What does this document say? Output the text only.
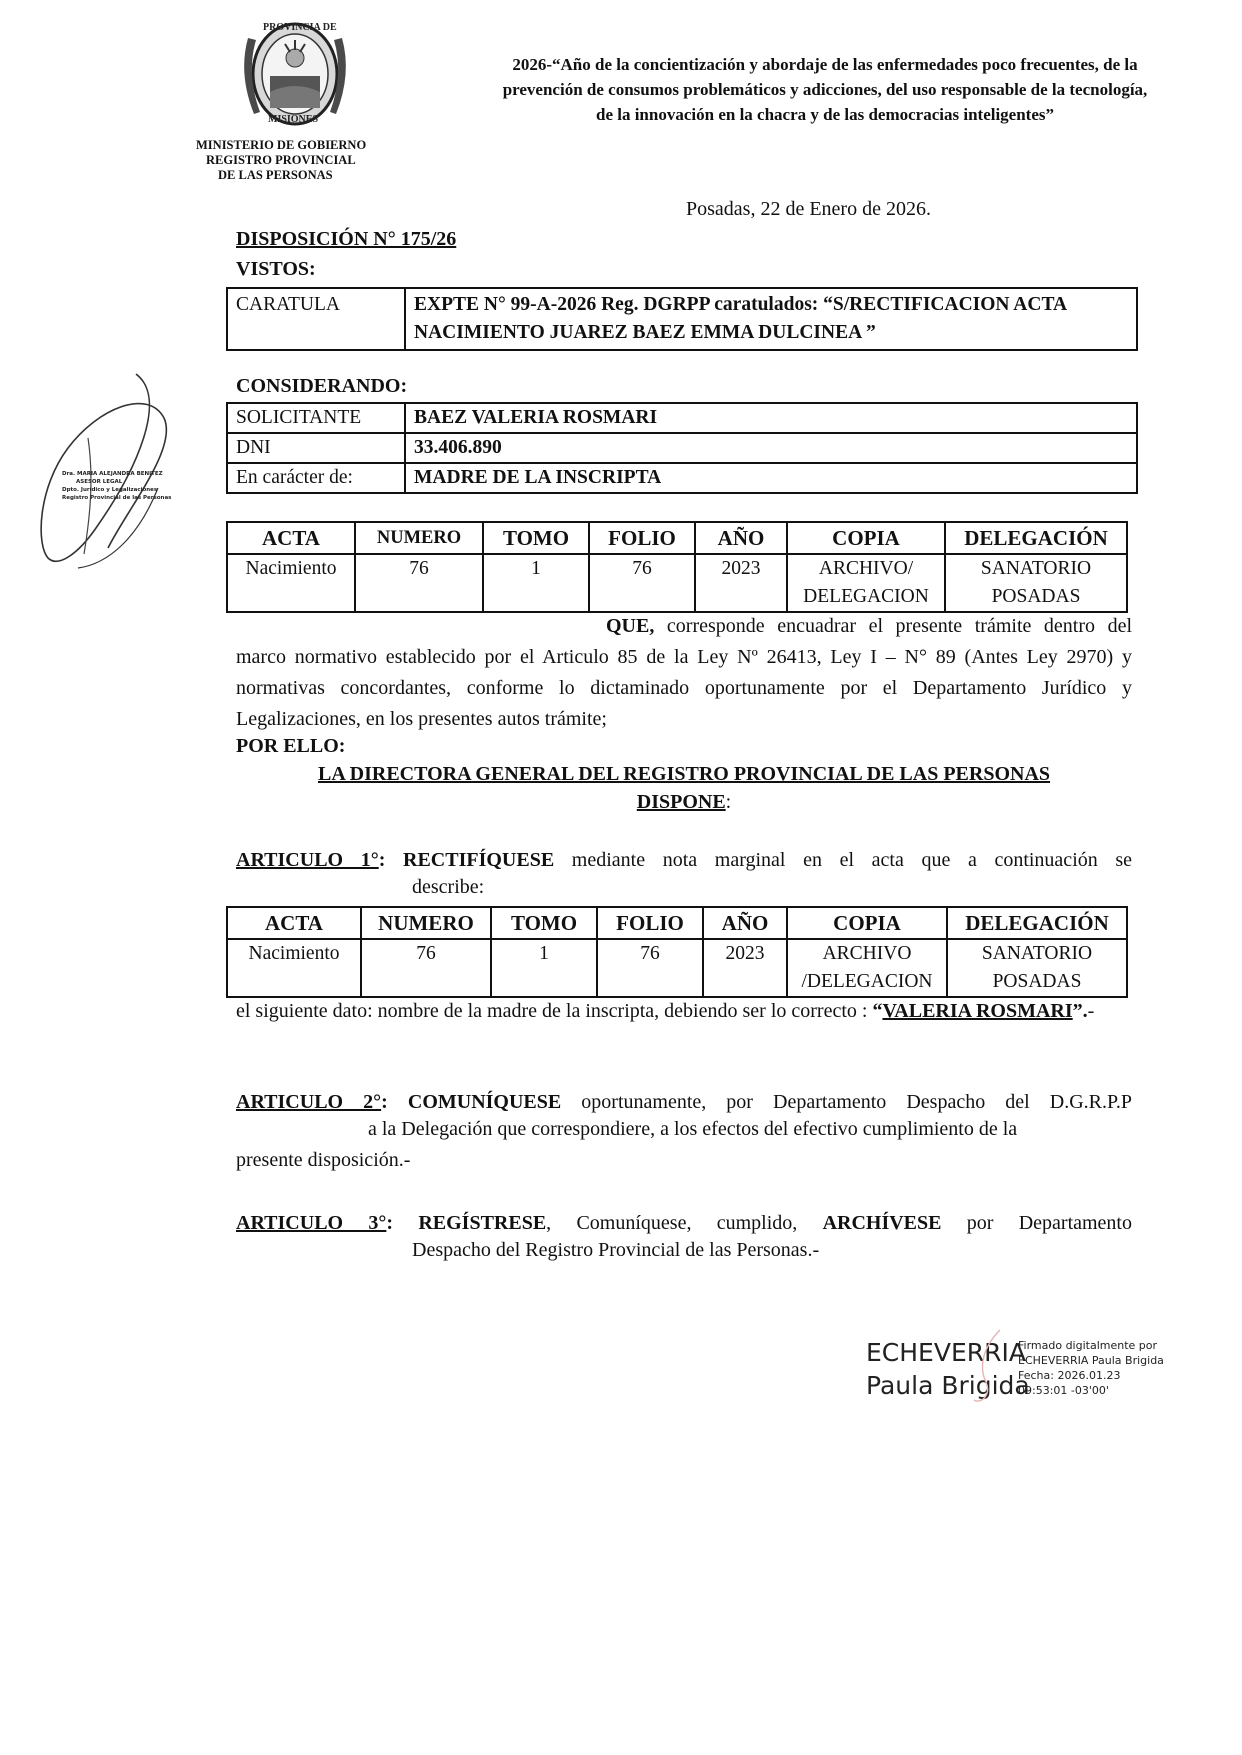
PROVINCIA DE
MISIONES
MINISTERIO DE GOBIERNO
REGISTRO PROVINCIAL
DE LAS PERSONAS
2026-“Año de la concientización y abordaje de las enfermedades poco frecuentes, de la
prevención de consumos problemáticos y adicciones, del uso responsable de la tecnología,
de la innovación en la chacra y de las democracias inteligentes”
Posadas, 22 de Enero de 2026.
DISPOSICIÓN N° 175/26
VISTOS:
CARATULA	EXPTE N° 99-A-2026 Reg. DGRPP caratulados: “S/RECTIFICACION ACTA
NACIMIENTO JUAREZ BAEZ EMMA DULCINEA ”
CONSIDERANDO:
SOLICITANTE	BAEZ VALERIA ROSMARI
DNI	33.406.890
En carácter de:	MADRE DE LA INSCRIPTA
ACTA	NUMERO	TOMO	FOLIO	AÑO	COPIA	DELEGACIÓN
Nacimiento	76	1	76	2023	ARCHIVO/ DELEGACION	SANATORIO POSADAS
QUE, corresponde encuadrar el presente trámite dentro del marco normativo establecido por el Articulo 85 de la Ley Nº 26413, Ley I – N° 89 (Antes Ley 2970) y normativas concordantes, conforme lo dictaminado oportunamente por el Departamento Jurídico y Legalizaciones, en los presentes autos trámite;
POR ELLO:
LA DIRECTORA GENERAL DEL REGISTRO PROVINCIAL DE LAS PERSONAS
DISPONE:
ARTICULO 1°: RECTIFÍQUESE mediante nota marginal en el acta que a continuación se
describe:
ACTA	NUMERO	TOMO	FOLIO	AÑO	COPIA	DELEGACIÓN
Nacimiento	76	1	76	2023	ARCHIVO /DELEGACION	SANATORIO POSADAS
el siguiente dato: nombre de la madre de la inscripta, debiendo ser lo correcto : “VALERIA ROSMARI”.-
ARTICULO 2°: COMUNÍQUESE oportunamente, por Departamento Despacho del D.G.R.P.P
a la Delegación que correspondiere, a los efectos del efectivo cumplimiento de la
presente disposición.-
ARTICULO 3°: REGÍSTRESE, Comuníquese, cumplido, ARCHÍVESE por Departamento
Despacho del Registro Provincial de las Personas.-
Dra. MARIA ALEJANDRA BENITEZ
ASESOR LEGAL
Dpto. Jurídico y Legalizaciones
Registro Provincial de las Personas
ECHEVERRIA
Paula Brigida
Firmado digitalmente por
ECHEVERRIA Paula Brigida
Fecha: 2026.01.23
09:53:01 -03'00'
